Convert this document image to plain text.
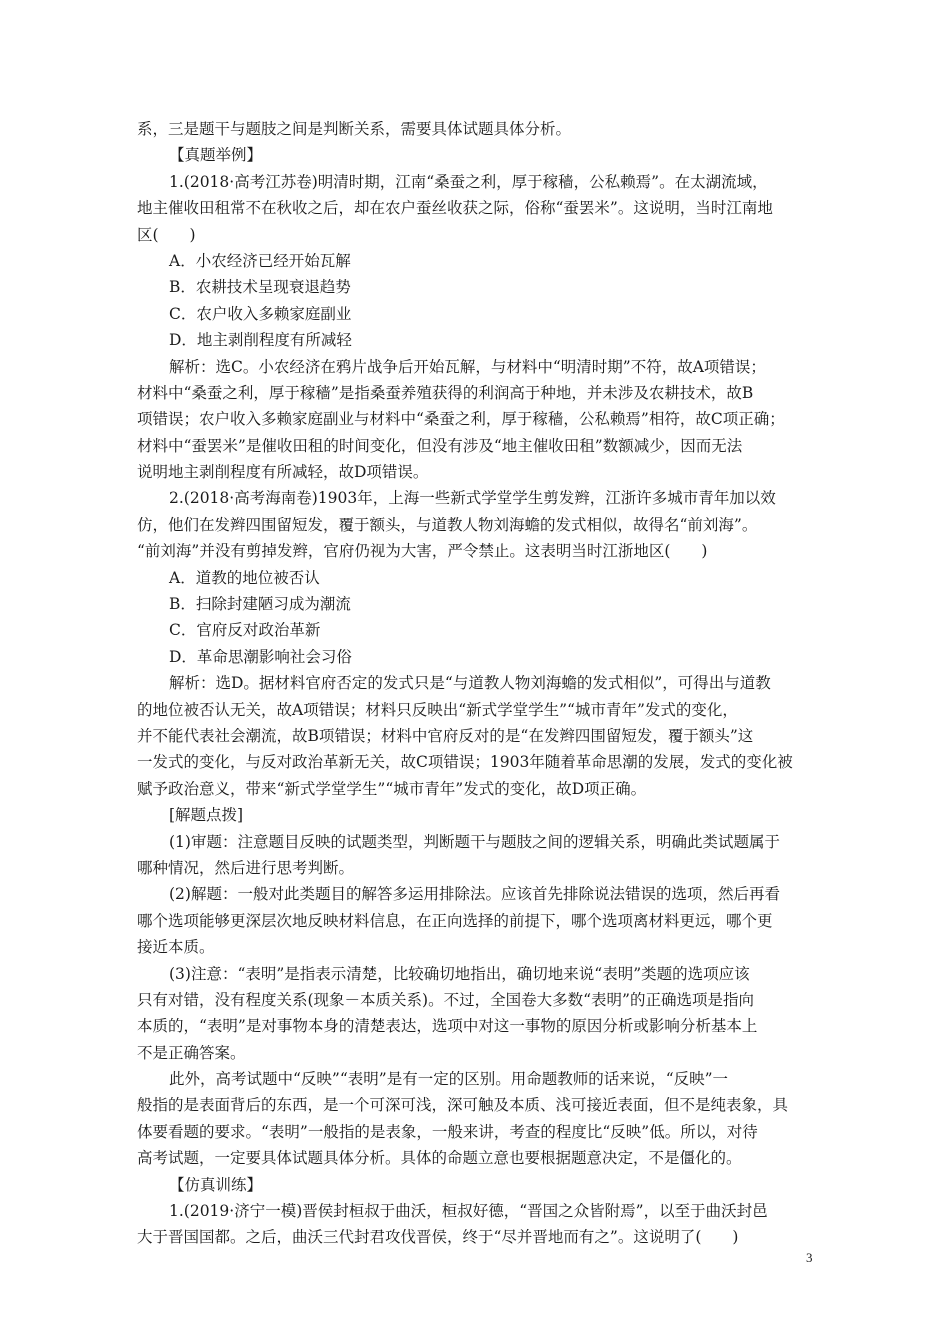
系，三是题干与题肢之间是判断关系，需要具体试题具体分析。
【真题举例】
1.(2018·高考江苏卷)明清时期，江南“桑蚕之利，厚于稼穑，公私赖焉”。在太湖流域，
地主催收田租常不在秋收之后，却在农户蚕丝收获之际，俗称“蚕罢米”。这说明，当时江南地
区(　　)
A．小农经济已经开始瓦解
B．农耕技术呈现衰退趋势
C．农户收入多赖家庭副业
D．地主剥削程度有所减轻
解析：选C。小农经济在鸦片战争后开始瓦解，与材料中“明清时期”不符，故A项错误；
材料中“桑蚕之利，厚于稼穑”是指桑蚕养殖获得的利润高于种地，并未涉及农耕技术，故B
项错误；农户收入多赖家庭副业与材料中“桑蚕之利，厚于稼穑，公私赖焉”相符，故C项正确；
材料中“蚕罢米”是催收田租的时间变化，但没有涉及“地主催收田租”数额减少，因而无法
说明地主剥削程度有所减轻，故D项错误。
2.(2018·高考海南卷)1903年，上海一些新式学堂学生剪发辫，江浙许多城市青年加以效
仿，他们在发辫四围留短发，覆于额头，与道教人物刘海蟾的发式相似，故得名“前刘海”。
“前刘海”并没有剪掉发辫，官府仍视为大害，严令禁止。这表明当时江浙地区(　　)
A．道教的地位被否认
B．扫除封建陋习成为潮流
C．官府反对政治革新
D．革命思潮影响社会习俗
解析：选D。据材料官府否定的发式只是“与道教人物刘海蟾的发式相似”，可得出与道教
的地位被否认无关，故A项错误；材料只反映出“新式学堂学生”“城市青年”发式的变化，
并不能代表社会潮流，故B项错误；材料中官府反对的是“在发辫四围留短发，覆于额头”这
一发式的变化，与反对政治革新无关，故C项错误；1903年随着革命思潮的发展，发式的变化被
赋予政治意义，带来“新式学堂学生”“城市青年”发式的变化，故D项正确。
[解题点拨]
(1)审题：注意题目反映的试题类型，判断题干与题肢之间的逻辑关系，明确此类试题属于
哪种情况，然后进行思考判断。
(2)解题：一般对此类题目的解答多运用排除法。应该首先排除说法错误的选项，然后再看
哪个选项能够更深层次地反映材料信息，在正向选择的前提下，哪个选项离材料更远，哪个更
接近本质。
(3)注意：“表明”是指表示清楚，比较确切地指出，确切地来说“表明”类题的选项应该
只有对错，没有程度关系(现象－本质关系)。不过，全国卷大多数“表明”的正确选项是指向
本质的，“表明”是对事物本身的清楚表达，选项中对这一事物的原因分析或影响分析基本上
不是正确答案。
此外，高考试题中“反映”“表明”是有一定的区别。用命题教师的话来说，“反映”一
般指的是表面背后的东西，是一个可深可浅，深可触及本质、浅可接近表面，但不是纯表象，具
体要看题的要求。“表明”一般指的是表象，一般来讲，考查的程度比“反映”低。所以，对待
高考试题，一定要具体试题具体分析。具体的命题立意也要根据题意决定，不是僵化的。
【仿真训练】
1.(2019·济宁一模)晋侯封桓叔于曲沃，桓叔好德，“晋国之众皆附焉”，以至于曲沃封邑
大于晋国国都。之后，曲沃三代封君攻伐晋侯，终于“尽并晋地而有之”。这说明了(　　)
3
